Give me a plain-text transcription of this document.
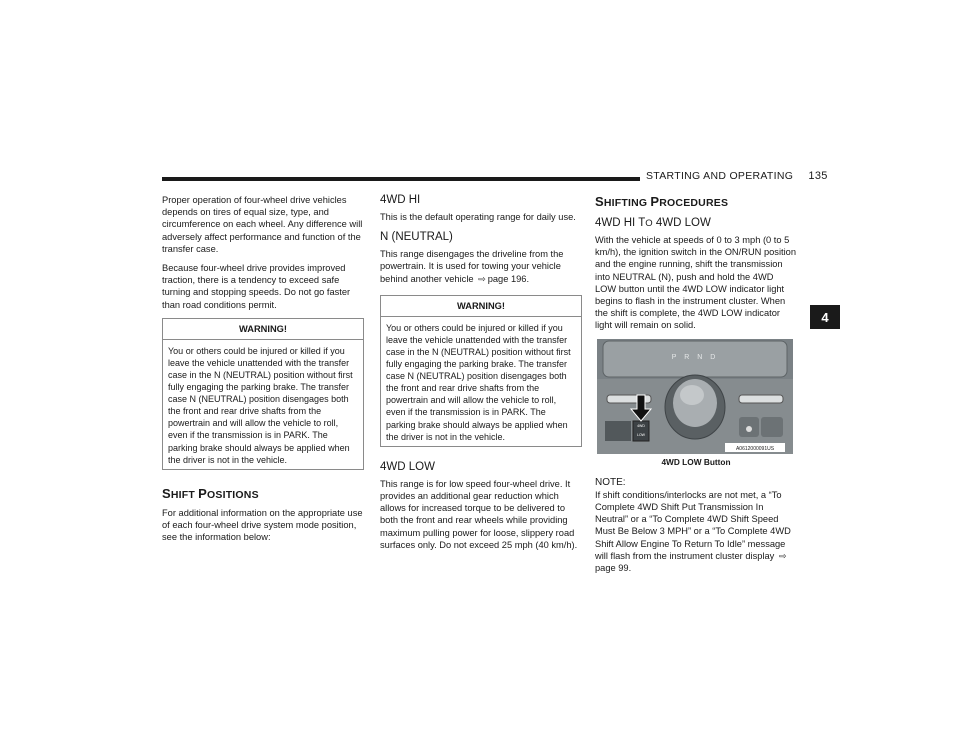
STARTING AND OPERATING 135
4

Proper operation of four-wheel drive vehicles depends on tires of equal size, type, and circumference on each wheel. Any difference will adversely affect performance and function of the transfer case.

Because four-wheel drive provides improved traction, there is a tendency to exceed safe turning and stopping speeds. Do not go faster than road conditions permit.

WARNING!
You or others could be injured or killed if you leave the vehicle unattended with the transfer case in the N (NEUTRAL) position without first fully engaging the parking brake. The transfer case N (NEUTRAL) position disengages both the front and rear drive shafts from the powertrain and will allow the vehicle to roll, even if the transmission is in PARK. The parking brake should always be applied when the driver is not in the vehicle.
SHIFT POSITIONS

For additional information on the appropriate use of each four-wheel drive system mode position, see the information below:

4WD HI

This is the default operating range for daily use.

N (NEUTRAL)

This range disengages the driveline from the powertrain. It is used for towing your vehicle behind another vehicle ⇨ page 196.

WARNING!
You or others could be injured or killed if you leave the vehicle unattended with the transfer case in the N (NEUTRAL) position without first fully engaging the parking brake. The transfer case N (NEUTRAL) position disengages both the front and rear drive shafts from the powertrain and will allow the vehicle to roll, even if the transmission is in PARK. The parking brake should always be applied when the driver is not in the vehicle.
4WD LOW

This range is for low speed four-wheel drive. It provides an additional gear reduction which allows for increased torque to be delivered to both the front and rear wheels while providing maximum pulling power for loose, slippery road surfaces only. Do not exceed 25 mph (40 km/h).

SHIFTING PROCEDURES
4WD HI TO 4WD LOW

With the vehicle at speeds of 0 to 3 mph (0 to 5 km/h), the ignition switch in the ON/RUN position and the engine running, shift the transmission into NEUTRAL (N), push and hold the 4WD LOW button until the 4WD LOW indicator light begins to flash in the instrument cluster. When the shift is complete, the 4WD LOW indicator light will remain on solid.

P R N D
4WD
LOW
A0612000091US
4WD LOW Button

NOTE:

If shift conditions/interlocks are not met, a “To Complete 4WD Shift Put Transmission In Neutral” or a “To Complete 4WD Shift Speed Must Be Below 3 MPH” or a “To Complete 4WD Shift Allow Engine To Return To Idle” message will flash from the instrument cluster display ⇨page 99.
